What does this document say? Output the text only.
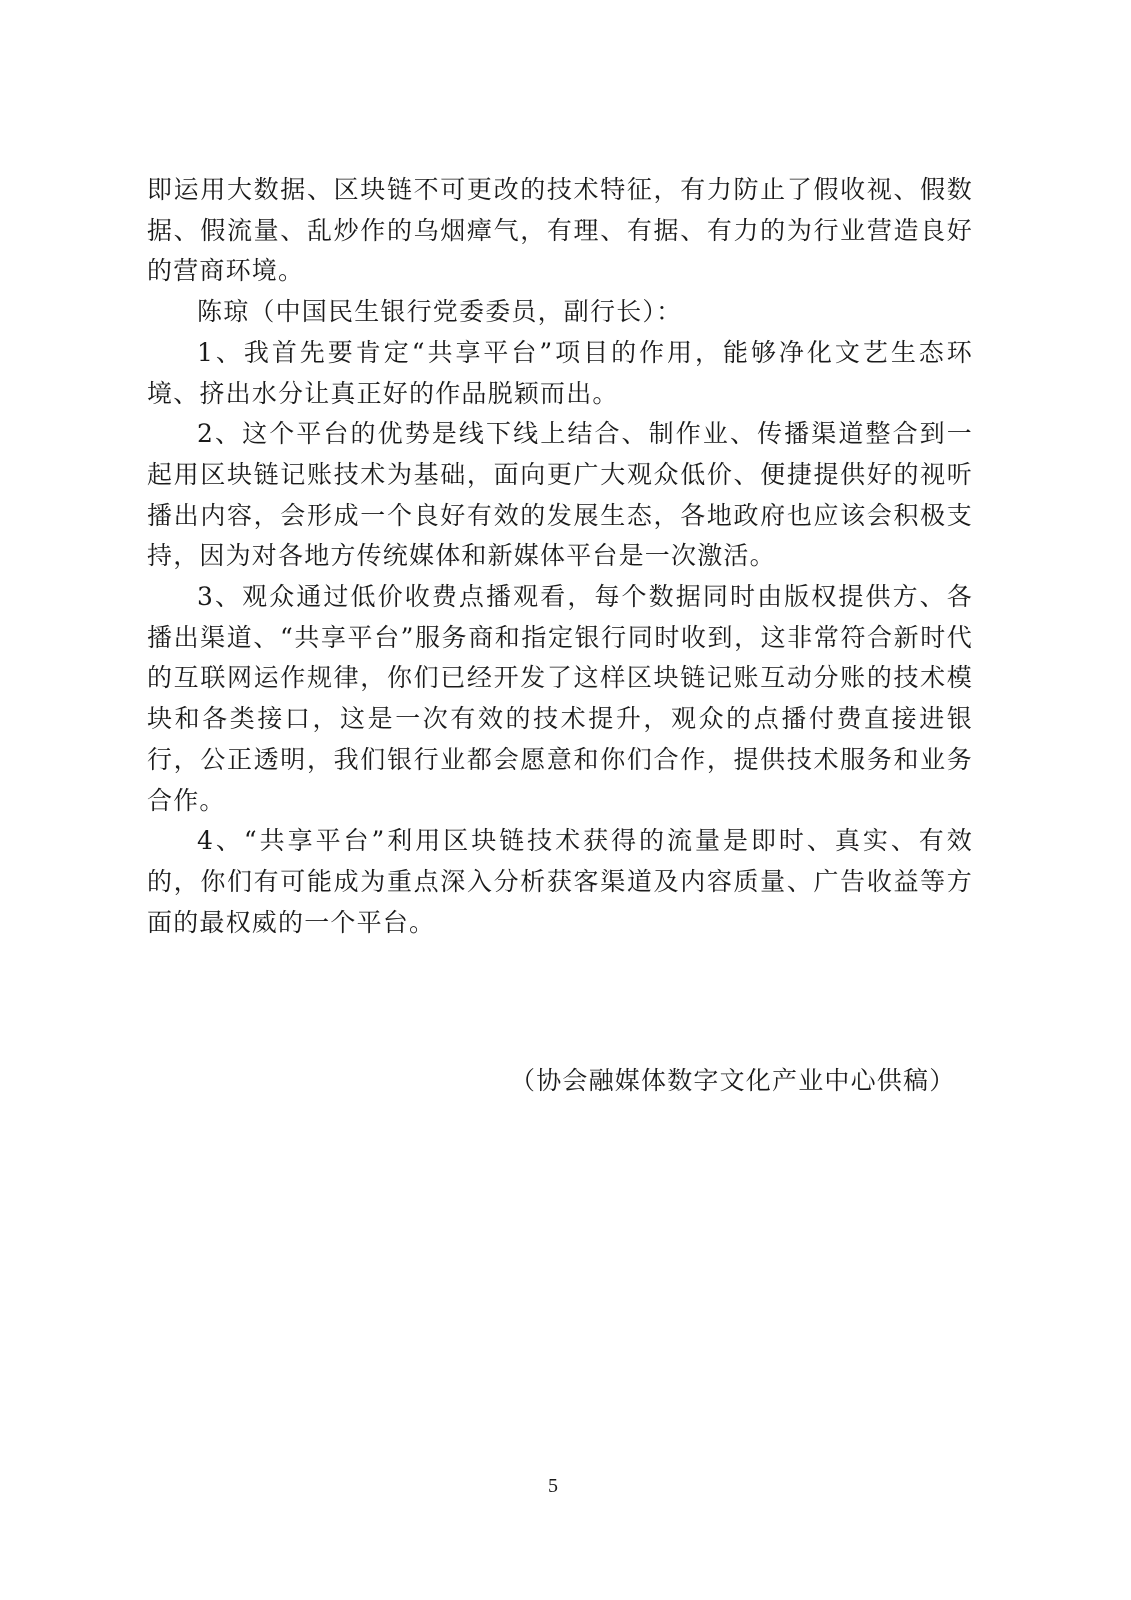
即运用大数据、区块链不可更改的技术特征，有力防止了假收视、假数据、假流量、乱炒作的乌烟瘴气，有理、有据、有力的为行业营造良好的营商环境。

陈琼（中国民生银行党委委员，副行长）：

1、我首先要肯定“共享平台”项目的作用，能够净化文艺生态环境、挤出水分让真正好的作品脱颖而出。

2、这个平台的优势是线下线上结合、制作业、传播渠道整合到一起用区块链记账技术为基础，面向更广大观众低价、便捷提供好的视听播出内容，会形成一个良好有效的发展生态，各地政府也应该会积极支持，因为对各地方传统媒体和新媒体平台是一次激活。

3、观众通过低价收费点播观看，每个数据同时由版权提供方、各播出渠道、“共享平台”服务商和指定银行同时收到，这非常符合新时代的互联网运作规律，你们已经开发了这样区块链记账互动分账的技术模块和各类接口，这是一次有效的技术提升，观众的点播付费直接进银行，公正透明，我们银行业都会愿意和你们合作，提供技术服务和业务合作。

4、“共享平台”利用区块链技术获得的流量是即时、真实、有效的，你们有可能成为重点深入分析获客渠道及内容质量、广告收益等方面的最权威的一个平台。

（协会融媒体数字文化产业中心供稿）
5
